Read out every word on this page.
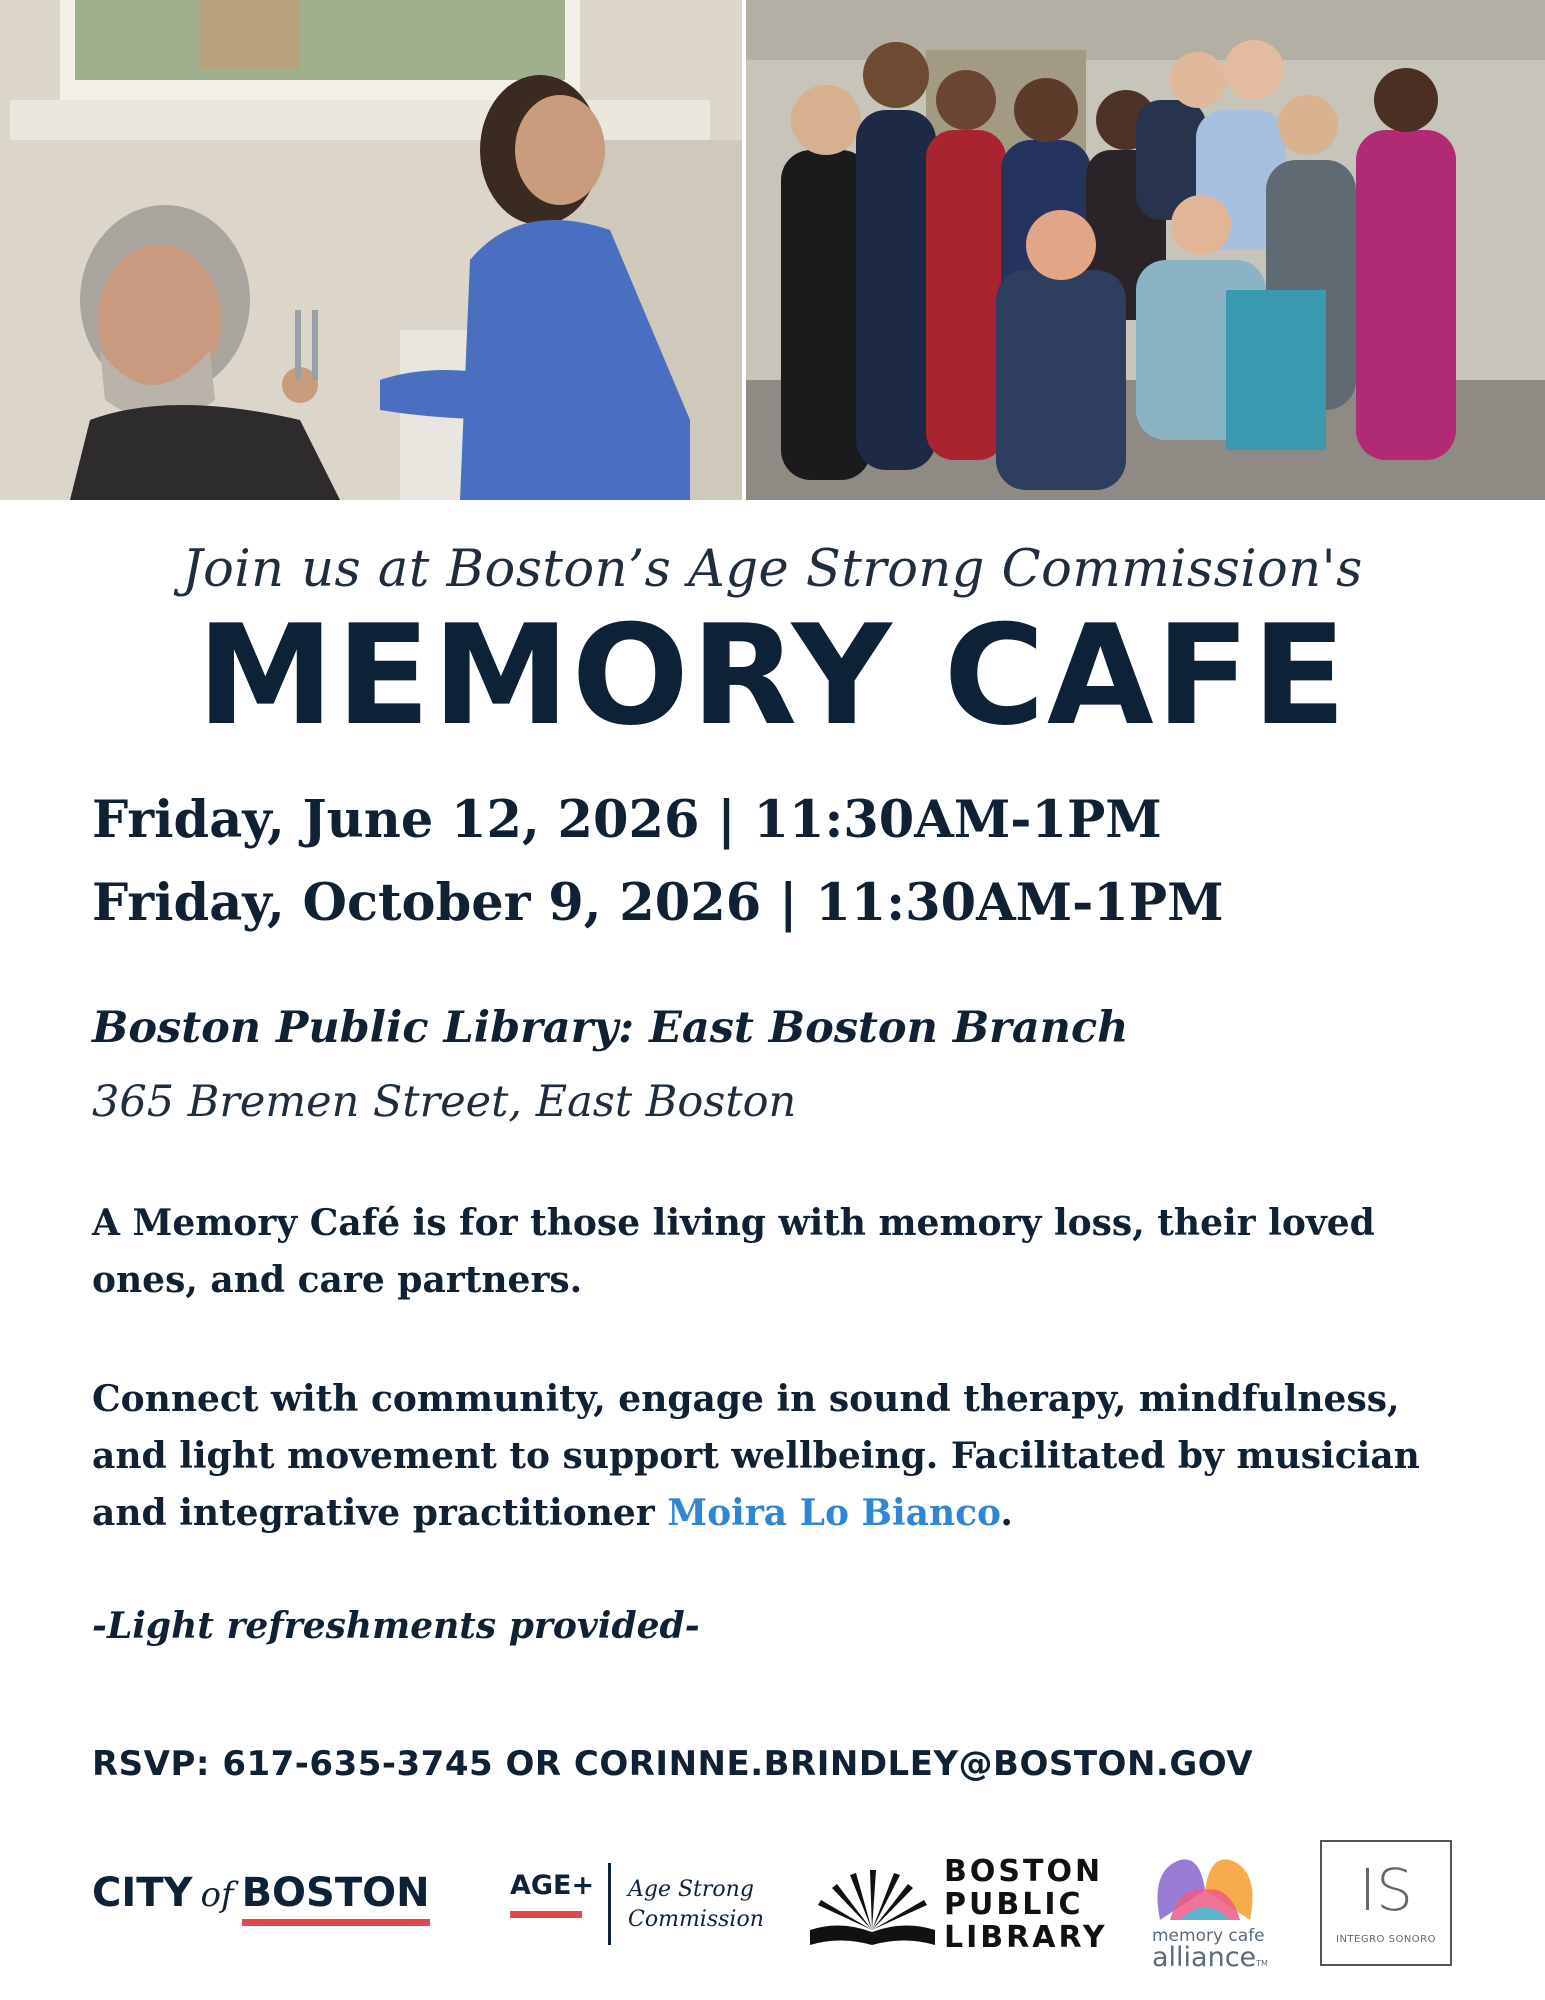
Join us at Boston’s Age Strong Commission's
MEMORY CAFE
Friday, June 12, 2026 | 11:30AM-1PM
Friday, October 9, 2026 | 11:30AM-1PM
Boston Public Library: East Boston Branch
365 Bremen Street, East Boston
A Memory Café is for those living with memory loss, their loved ones, and care partners.
Connect with community, engage in sound therapy, mindfulness, and light movement to support wellbeing. Facilitated by musician and integrative practitioner Moira Lo Bianco.
-Light refreshments provided-
RSVP: 617-635-3745 OR CORINNE.BRINDLEY@BOSTON.GOV
CITY of BOSTON	AGE+ Age Strong
Commission
BOSTON
PUBLIC
LIBRARY	memory cafe
allianceTM
IS
INTEGRO SONORO
